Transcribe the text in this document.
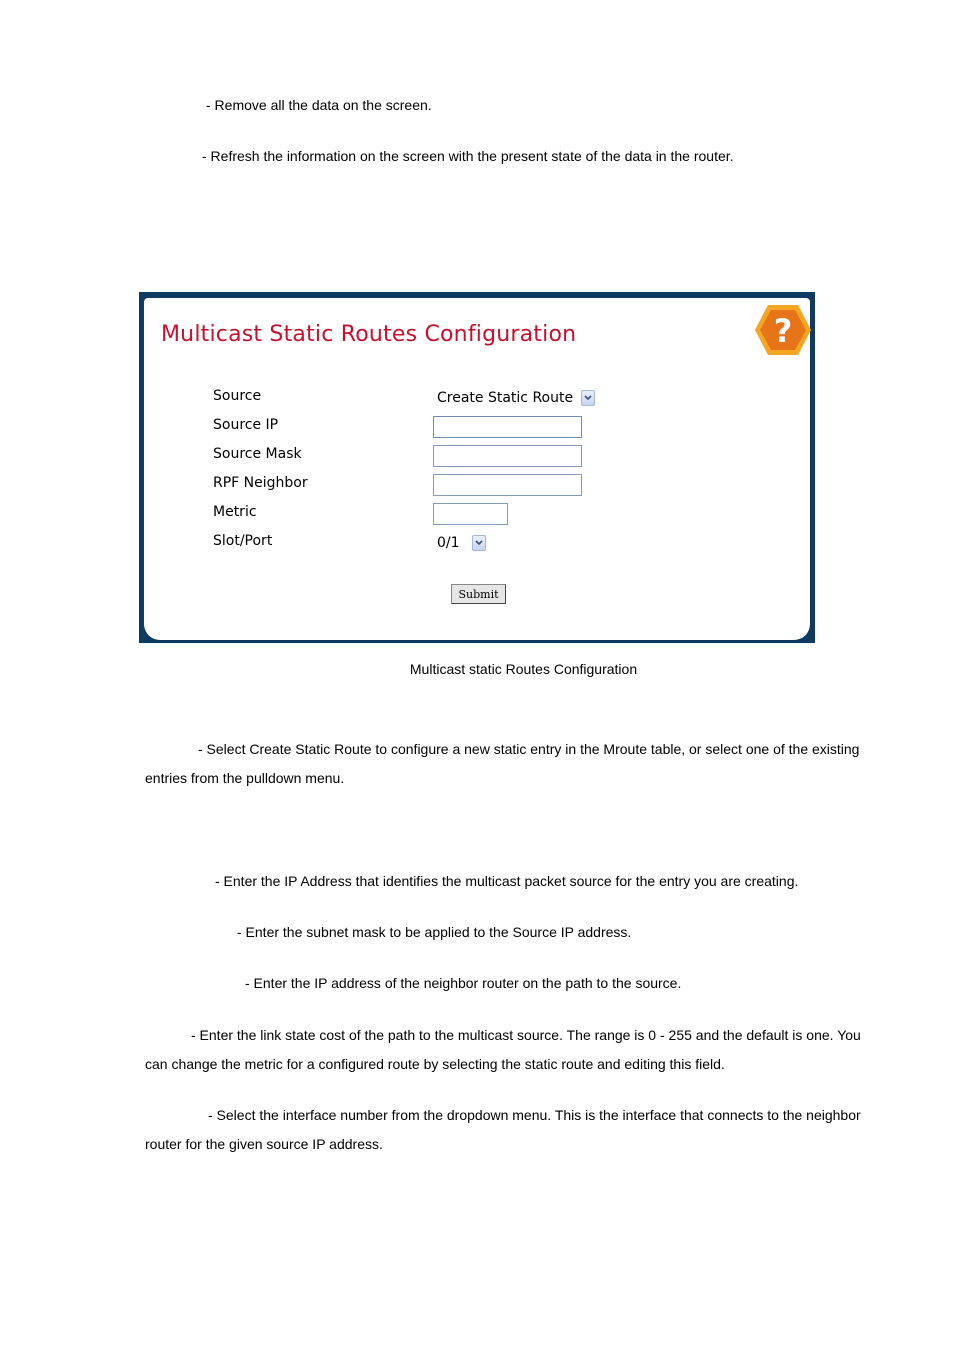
- Remove all the data on the screen.
- Refresh the information on the screen with the present state of the data in the router.
Multicast Static Routes Configuration	?
Source
Source IP
Source Mask
RPF Neighbor
Metric
Slot/Port
Create Static Route
0/1
Submit
Multicast static Routes Configuration
- Select Create Static Route to configure a new static entry in the Mroute table, or select one of the existing entries from the pulldown menu.
- Enter the IP Address that identifies the multicast packet source for the entry you are creating.
- Enter the subnet mask to be applied to the Source IP address.
- Enter the IP address of the neighbor router on the path to the source.
- Enter the link state cost of the path to the multicast source. The range is 0 - 255 and the default is one. You can change the metric for a configured route by selecting the static route and editing this field.
- Select the interface number from the dropdown menu. This is the interface that connects to the neighbor router for the given source IP address.
